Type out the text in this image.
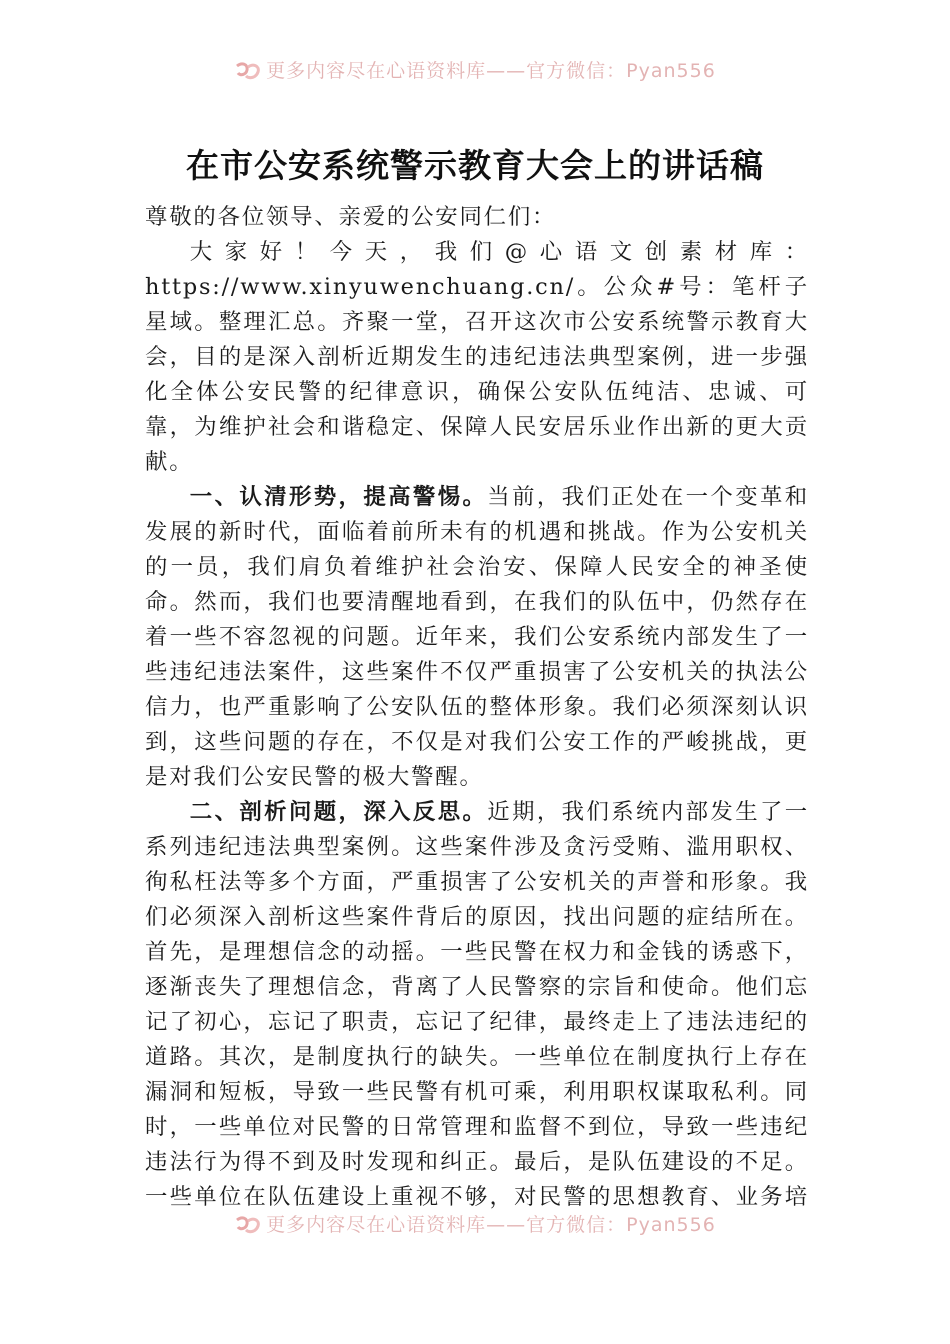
更多内容尽在心语资料库——官方微信：Pyan556
在市公安系统警示教育大会上的讲话稿

尊敬的各位领导、亲爱的公安同仁们：

大家好！今天，我们@心语文创素材库：https://www.xinyuwenchuang.cn/。公众#号：笔杆子星域。整理汇总。齐聚一堂，召开这次市公安系统警示教育大会，目的是深入剖析近期发生的违纪违法典型案例，进一步强化全体公安民警的纪律意识，确保公安队伍纯洁、忠诚、可靠，为维护社会和谐稳定、保障人民安居乐业作出新的更大贡献。

一、认清形势，提高警惕。当前，我们正处在一个变革和发展的新时代，面临着前所未有的机遇和挑战。作为公安机关的一员，我们肩负着维护社会治安、保障人民安全的神圣使命。然而，我们也要清醒地看到，在我们的队伍中，仍然存在着一些不容忽视的问题。近年来，我们公安系统内部发生了一些违纪违法案件，这些案件不仅严重损害了公安机关的执法公信力，也严重影响了公安队伍的整体形象。我们必须深刻认识到，这些问题的存在，不仅是对我们公安工作的严峻挑战，更是对我们公安民警的极大警醒。

二、剖析问题，深入反思。近期，我们系统内部发生了一系列违纪违法典型案例。这些案件涉及贪污受贿、滥用职权、徇私枉法等多个方面，严重损害了公安机关的声誉和形象。我们必须深入剖析这些案件背后的原因，找出问题的症结所在。首先，是理想信念的动摇。一些民警在权力和金钱的诱惑下，逐渐丧失了理想信念，背离了人民警察的宗旨和使命。他们忘记了初心，忘记了职责，忘记了纪律，最终走上了违法违纪的道路。其次，是制度执行的缺失。一些单位在制度执行上存在漏洞和短板，导致一些民警有机可乘，利用职权谋取私利。同时，一些单位对民警的日常管理和监督不到位，导致一些违纪违法行为得不到及时发现和纠正。最后，是队伍建设的不足。一些单位在队伍建设上重视不够，对民警的思想教育、业务培

更多内容尽在心语资料库——官方微信：Pyan556
